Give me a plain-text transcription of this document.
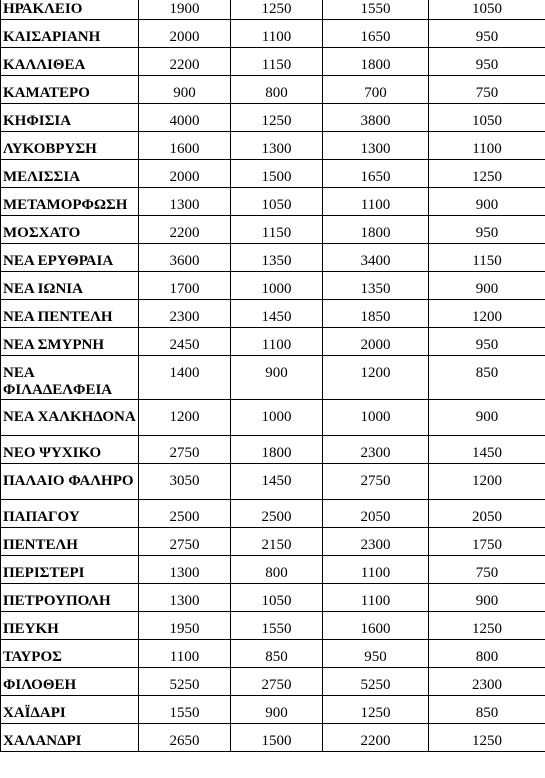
ΗΡΑΚΛΕΙΟ	1900	1250	1550	1050
ΚΑΙΣΑΡΙΑΝΗ	2000	1100	1650	950
ΚΑΛΛΙΘΕΑ	2200	1150	1800	950
ΚΑΜΑΤΕΡΟ	900	800	700	750
ΚΗΦΙΣΙΑ	4000	1250	3800	1050
ΛΥΚΟΒΡΥΣΗ	1600	1300	1300	1100
ΜΕΛΙΣΣΙΑ	2000	1500	1650	1250
ΜΕΤΑΜΟΡΦΩΣΗ	1300	1050	1100	900
ΜΟΣΧΑΤΟ	2200	1150	1800	950
ΝΕΑ ΕΡΥΘΡΑΙΑ	3600	1350	3400	1150
ΝΕΑ ΙΩΝΙΑ	1700	1000	1350	900
ΝΕΑ ΠΕΝΤΕΛΗ	2300	1450	1850	1200
ΝΕΑ ΣΜΥΡΝΗ	2450	1100	2000	950
ΝΕΑ ΦΙΛΑΔΕΛΦΕΙΑ	1400	900	1200	850
ΝΕΑ ΧΑΛΚΗΔΟΝΑ	1200	1000	1000	900
ΝΕΟ ΨΥΧΙΚΟ	2750	1800	2300	1450
ΠΑΛΑΙΟ ΦΑΛΗΡΟ	3050	1450	2750	1200
ΠΑΠΑΓΟΥ	2500	2500	2050	2050
ΠΕΝΤΕΛΗ	2750	2150	2300	1750
ΠΕΡΙΣΤΕΡΙ	1300	800	1100	750
ΠΕΤΡΟΥΠΟΛΗ	1300	1050	1100	900
ΠΕΥΚΗ	1950	1550	1600	1250
ΤΑΥΡΟΣ	1100	850	950	800
ΦΙΛΟΘΕΗ	5250	2750	5250	2300
ΧΑΪΔΑΡΙ	1550	900	1250	850
ΧΑΛΑΝΔΡΙ	2650	1500	2200	1250
